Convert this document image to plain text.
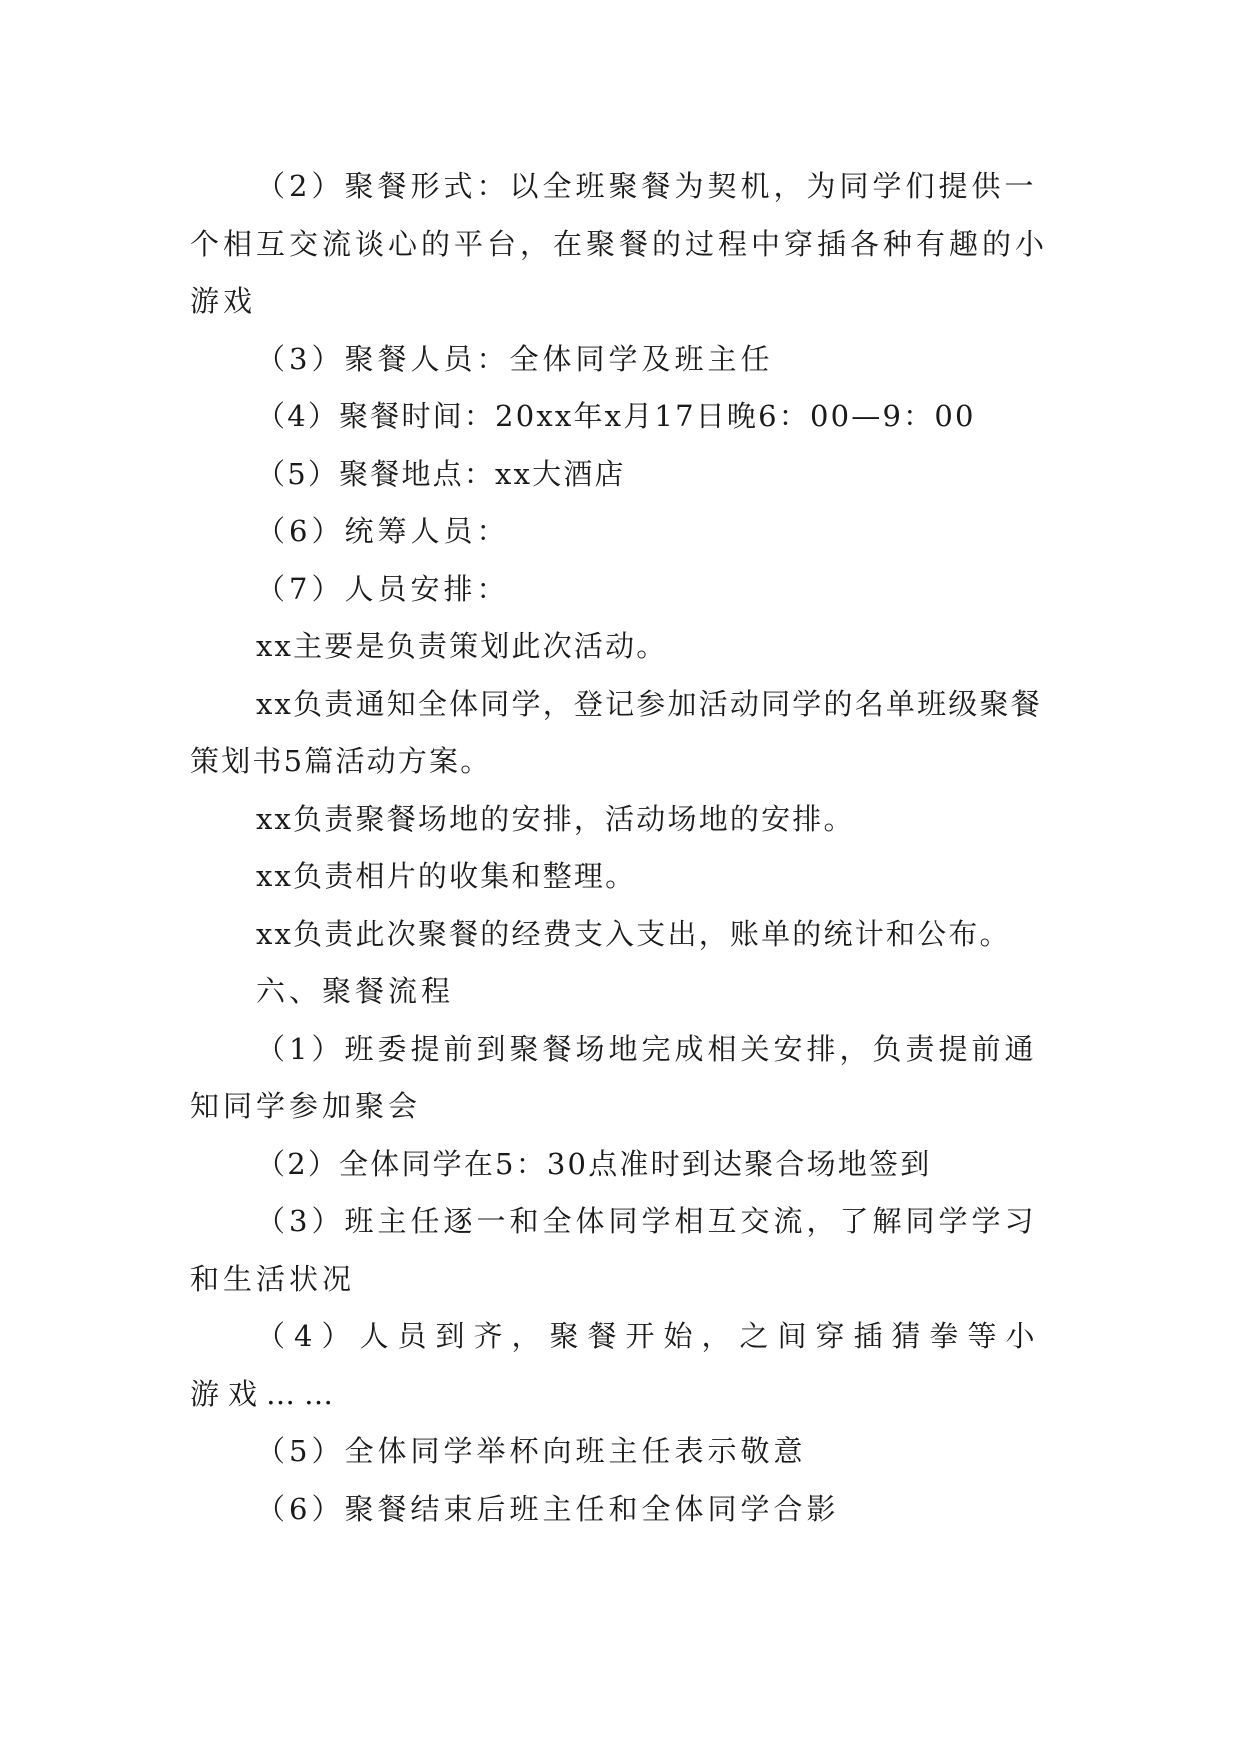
（2）聚餐形式：以全班聚餐为契机，为同学们提供一个相互交流谈心的平台，在聚餐的过程中穿插各种有趣的小游戏

（3）聚餐人员：全体同学及班主任

（4）聚餐时间：20xx年x月17日晚6：00—9：00

（5）聚餐地点：xx大酒店

（6）统筹人员：

（7）人员安排：

xx主要是负责策划此次活动。

xx负责通知全体同学，登记参加活动同学的名单班级聚餐策划书5篇活动方案。

xx负责聚餐场地的安排，活动场地的安排。

xx负责相片的收集和整理。

xx负责此次聚餐的经费支入支出，账单的统计和公布。

六、聚餐流程

（1）班委提前到聚餐场地完成相关安排，负责提前通知同学参加聚会

（2）全体同学在5：30点准时到达聚合场地签到

（3）班主任逐一和全体同学相互交流，了解同学学习和生活状况

（4）人员到齐，聚餐开始，之间穿插猜拳等小游戏……

（5）全体同学举杯向班主任表示敬意

（6）聚餐结束后班主任和全体同学合影
